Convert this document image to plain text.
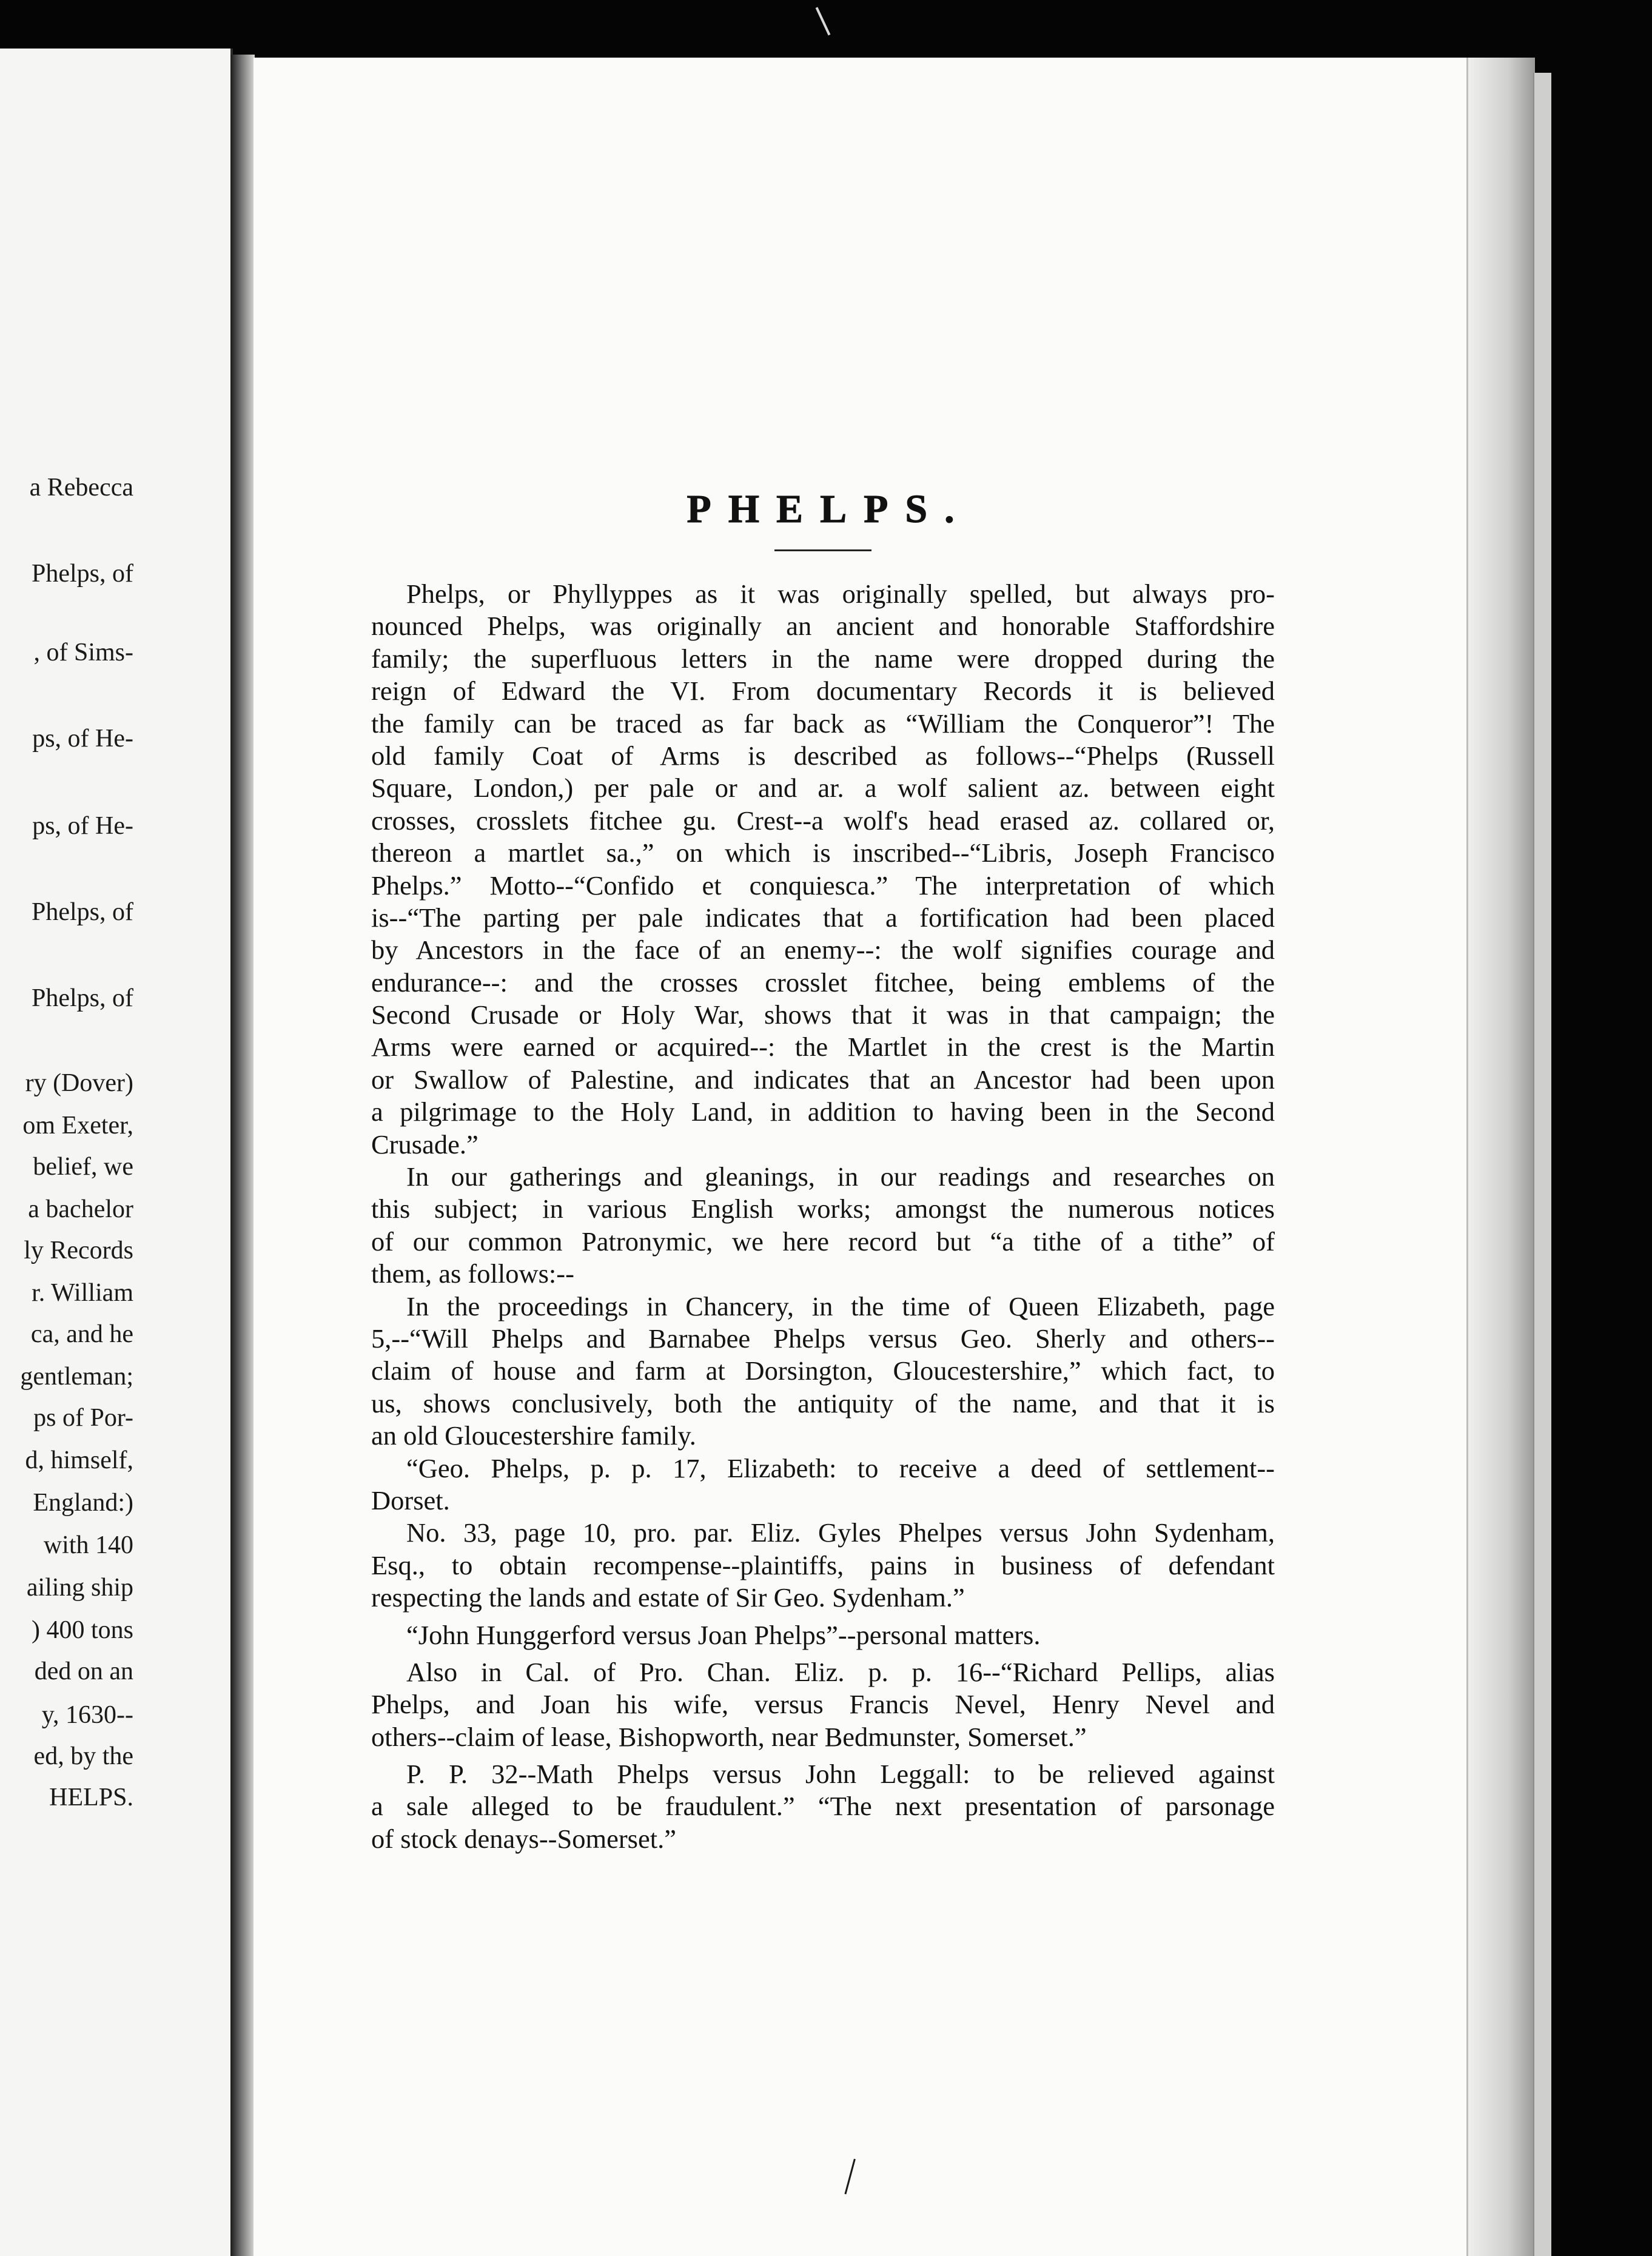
a Rebecca
Phelps, of
, of Sims-
ps, of He-
ps, of He-
Phelps, of
Phelps, of
ry (Dover)
om Exeter,
belief, we
a bachelor
ly Records
r. William
ca, and he
gentleman;
ps of Por-
d, himself,
England:)
with 140
ailing ship
) 400 tons
ded on an
y, 1630--
ed, by the
HELPS.
PHELPS.
Phelps, or Phyllyppes as it was originally spelled, but always pro-
nounced Phelps, was originally an ancient and honorable Staffordshire
family; the superfluous letters in the name were dropped during the
reign of Edward the VI. From documentary Records it is believed
the family can be traced as far back as “William the Conqueror”! The
old family Coat of Arms is described as follows--“Phelps (Russell
Square, London,) per pale or and ar. a wolf salient az. between eight
crosses, crosslets fitchee gu. Crest--a wolf's head erased az. collared or,
thereon a martlet sa.,” on which is inscribed--“Libris, Joseph Francisco
Phelps.” Motto--“Confido et conquiesca.” The interpretation of which
is--“The parting per pale indicates that a fortification had been placed
by Ancestors in the face of an enemy--: the wolf signifies courage and
endurance--: and the crosses crosslet fitchee, being emblems of the
Second Crusade or Holy War, shows that it was in that campaign; the
Arms were earned or acquired--: the Martlet in the crest is the Martin
or Swallow of Palestine, and indicates that an Ancestor had been upon
a pilgrimage to the Holy Land, in addition to having been in the Second
Crusade.”
In our gatherings and gleanings, in our readings and researches on
this subject; in various English works; amongst the numerous notices
of our common Patronymic, we here record but “a tithe of a tithe” of
them, as follows:--
In the proceedings in Chancery, in the time of Queen Elizabeth, page
5,--“Will Phelps and Barnabee Phelps versus Geo. Sherly and others--
claim of house and farm at Dorsington, Gloucestershire,” which fact, to
us, shows conclusively, both the antiquity of the name, and that it is
an old Gloucestershire family.
“Geo. Phelps, p. p. 17, Elizabeth: to receive a deed of settlement--
Dorset.
No. 33, page 10, pro. par. Eliz. Gyles Phelpes versus John Sydenham,
Esq., to obtain recompense--plaintiffs, pains in business of defendant
respecting the lands and estate of Sir Geo. Sydenham.”
“John Hunggerford versus Joan Phelps”--personal matters.
Also in Cal. of Pro. Chan. Eliz. p. p. 16--“Richard Pellips, alias
Phelps, and Joan his wife, versus Francis Nevel, Henry Nevel and
others--claim of lease, Bishopworth, near Bedmunster, Somerset.”
P. P. 32--Math Phelps versus John Leggall: to be relieved against
a sale alleged to be fraudulent.” “The next presentation of parsonage
of stock denays--Somerset.”
